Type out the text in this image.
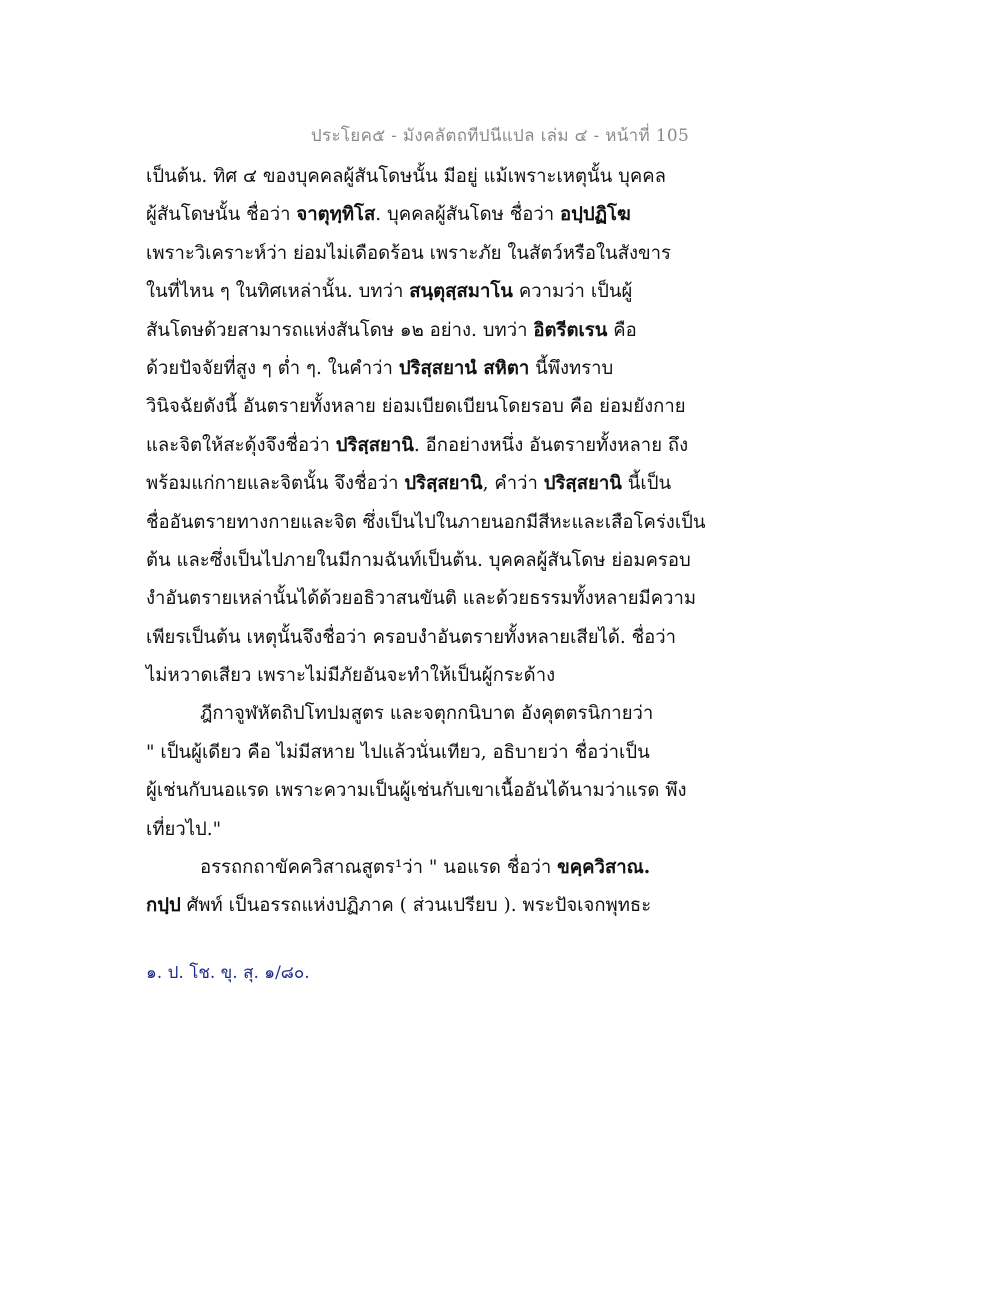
ประโยค๕ - มังคลัตถทีปนีแปล เล่ม ๔ - หน้าที่ 105
เป็นต้น. ทิศ ๔ ของบุคคลผู้สันโดษนั้น มีอยู่ แม้เพราะเหตุนั้น บุคคล
ผู้สันโดษนั้น ชื่อว่า จาตุทฺทิโส. บุคคลผู้สันโดษ ชื่อว่า อปฺปฏิโฆ
เพราะวิเคราะห์ว่า ย่อมไม่เดือดร้อน เพราะภัย ในสัตว์หรือในสังขาร
ในที่ไหน ๆ ในทิศเหล่านั้น. บทว่า สนฺตุสฺสมาโน ความว่า เป็นผู้
สันโดษด้วยสามารถแห่งสันโดษ ๑๒ อย่าง. บทว่า อิตรีตเรน คือ
ด้วยปัจจัยที่สูง ๆ ต่ำ ๆ. ในคำว่า ปริสฺสยานํ สหิตา นี้พึงทราบ
วินิจฉัยดังนี้ อันตรายทั้งหลาย ย่อมเบียดเบียนโดยรอบ คือ ย่อมยังกาย
และจิตให้สะดุ้งจึงชื่อว่า ปริสฺสยานิ. อีกอย่างหนึ่ง อันตรายทั้งหลาย ถึง
พร้อมแก่กายและจิตนั้น จึงชื่อว่า ปริสฺสยานิ, คำว่า ปริสฺสยานิ นี้เป็น
ชื่ออันตรายทางกายและจิต ซึ่งเป็นไปในภายนอกมีสีหะและเสือโคร่งเป็น
ต้น และซึ่งเป็นไปภายในมีกามฉันท์เป็นต้น. บุคคลผู้สันโดษ ย่อมครอบ
งำอันตรายเหล่านั้นได้ด้วยอธิวาสนขันติ และด้วยธรรมทั้งหลายมีความ
เพียรเป็นต้น เหตุนั้นจึงชื่อว่า ครอบงำอันตรายทั้งหลายเสียได้. ชื่อว่า
ไม่หวาดเสียว เพราะไม่มีภัยอันจะทำให้เป็นผู้กระด้าง
ฎีกาจูฬหัตถิปโทปมสูตร และจตุกกนิบาต อังคุตตรนิกายว่า
" เป็นผู้เดียว คือ ไม่มีสหาย ไปแล้วนั่นเทียว, อธิบายว่า ชื่อว่าเป็น
ผู้เช่นกับนอแรด เพราะความเป็นผู้เช่นกับเขาเนื้ออันได้นามว่าแรด พึง
เที่ยวไป."
อรรถกถาขัคควิสาณสูตร¹ว่า " นอแรด ชื่อว่า ขคฺควิสาณ.
กปฺป ศัพท์ เป็นอรรถแห่งปฏิภาค ( ส่วนเปรียบ ). พระปัจเจกพุทธะ
๑. ป. โช. ขุ. สุ. ๑/๘๐.
